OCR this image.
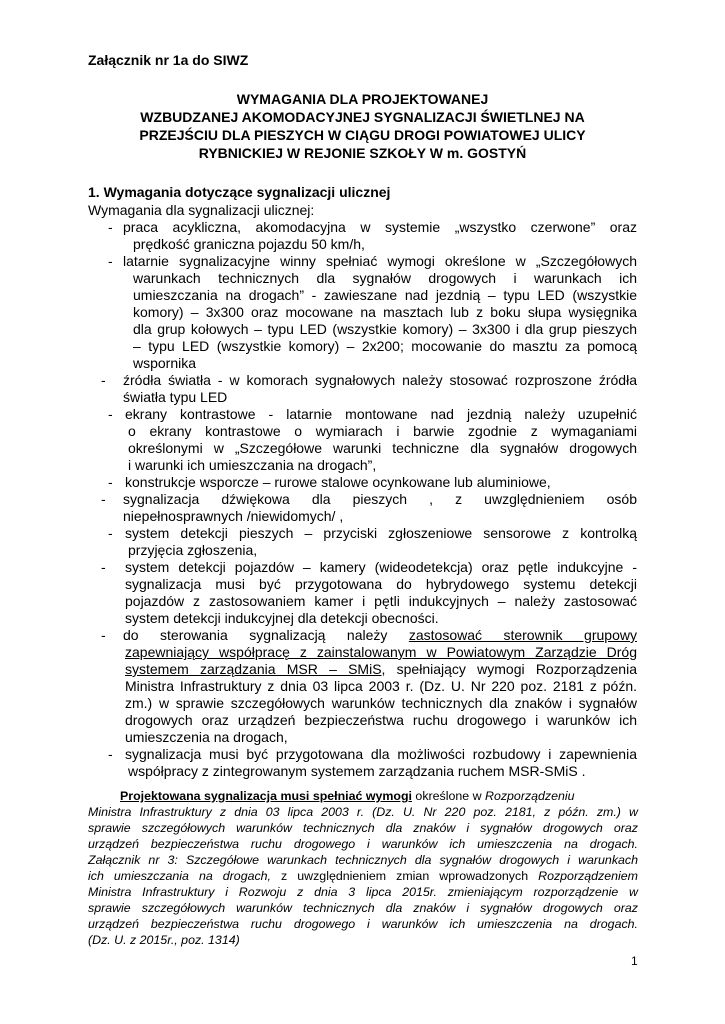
Załącznik nr 1a do SIWZ
WYMAGANIA DLA PROJEKTOWANEJ
WZBUDZANEJ AKOMODACYJNEJ SYGNALIZACJI ŚWIETLNEJ NA
PRZEJŚCIU DLA PIESZYCH W CIĄGU DROGI POWIATOWEJ ULICY
RYBNICKIEJ W REJONIE SZKOŁY W m. GOSTYŃ
1. Wymagania dotyczące sygnalizacji ulicznej
Wymagania dla sygnalizacji ulicznej:
- praca acykliczna, akomodacyjna w systemie „wszystko czerwone” oraz
prędkość graniczna pojazdu 50 km/h,
- latarnie sygnalizacyjne winny spełniać wymogi określone w „Szczegółowych
warunkach technicznych dla sygnałów drogowych i warunkach ich
umieszczania na drogach” - zawieszane nad jezdnią – typu LED (wszystkie
komory) – 3x300 oraz mocowane na masztach lub z boku słupa wysięgnika
dla grup kołowych – typu LED (wszystkie komory) – 3x300 i dla grup pieszych
– typu LED (wszystkie komory) – 2x200; mocowanie do masztu za pomocą
wspornika
- źródła światła - w komorach sygnałowych należy stosować rozproszone źródła
światła typu LED
- ekrany kontrastowe - latarnie montowane nad jezdnią należy uzupełnić
o ekrany kontrastowe o wymiarach i barwie zgodnie z wymaganiami
określonymi w „Szczegółowe warunki techniczne dla sygnałów drogowych
i warunki ich umieszczania na drogach”,
- konstrukcje wsporcze – rurowe stalowe ocynkowane lub aluminiowe,
- sygnalizacja dźwiękowa dla pieszych , z uwzględnieniem osób
niepełnosprawnych /niewidomych/ ,
- system detekcji pieszych – przyciski zgłoszeniowe sensorowe z kontrolką
przyjęcia zgłoszenia,
- system detekcji pojazdów – kamery (wideodetekcja) oraz pętle indukcyjne -
sygnalizacja musi być przygotowana do hybrydowego systemu detekcji
pojazdów z zastosowaniem kamer i pętli indukcyjnych – należy zastosować
system detekcji indukcyjnej dla detekcji obecności.
- do sterowania sygnalizacją należy zastosować sterownik grupowy
zapewniający współpracę z zainstalowanym w Powiatowym Zarządzie Dróg
systemem zarządzania MSR – SMiS, spełniający wymogi Rozporządzenia
Ministra Infrastruktury z dnia 03 lipca 2003 r. (Dz. U. Nr 220 poz. 2181 z późn.
zm.) w sprawie szczegółowych warunków technicznych dla znaków i sygnałów
drogowych oraz urządzeń bezpieczeństwa ruchu drogowego i warunków ich
umieszczenia na drogach,
- sygnalizacja musi być przygotowana dla możliwości rozbudowy i zapewnienia
współpracy z zintegrowanym systemem zarządzania ruchem MSR-SMiS .
Projektowana sygnalizacja musi spełniać wymogi określone w Rozporządzeniu
Ministra Infrastruktury z dnia 03 lipca 2003 r. (Dz. U. Nr 220 poz. 2181, z późn. zm.) w
sprawie szczegółowych warunków technicznych dla znaków i sygnałów drogowych oraz
urządzeń bezpieczeństwa ruchu drogowego i warunków ich umieszczenia na drogach.
Załącznik nr 3: Szczegółowe warunkach technicznych dla sygnałów drogowych i warunkach
ich umieszczania na drogach, z uwzględnieniem zmian wprowadzonych Rozporządzeniem
Ministra Infrastruktury i Rozwoju z dnia 3 lipca 2015r. zmieniającym rozporządzenie w
sprawie szczegółowych warunków technicznych dla znaków i sygnałów drogowych oraz
urządzeń bezpieczeństwa ruchu drogowego i warunków ich umieszczenia na drogach.
(Dz. U. z 2015r., poz. 1314)
1
